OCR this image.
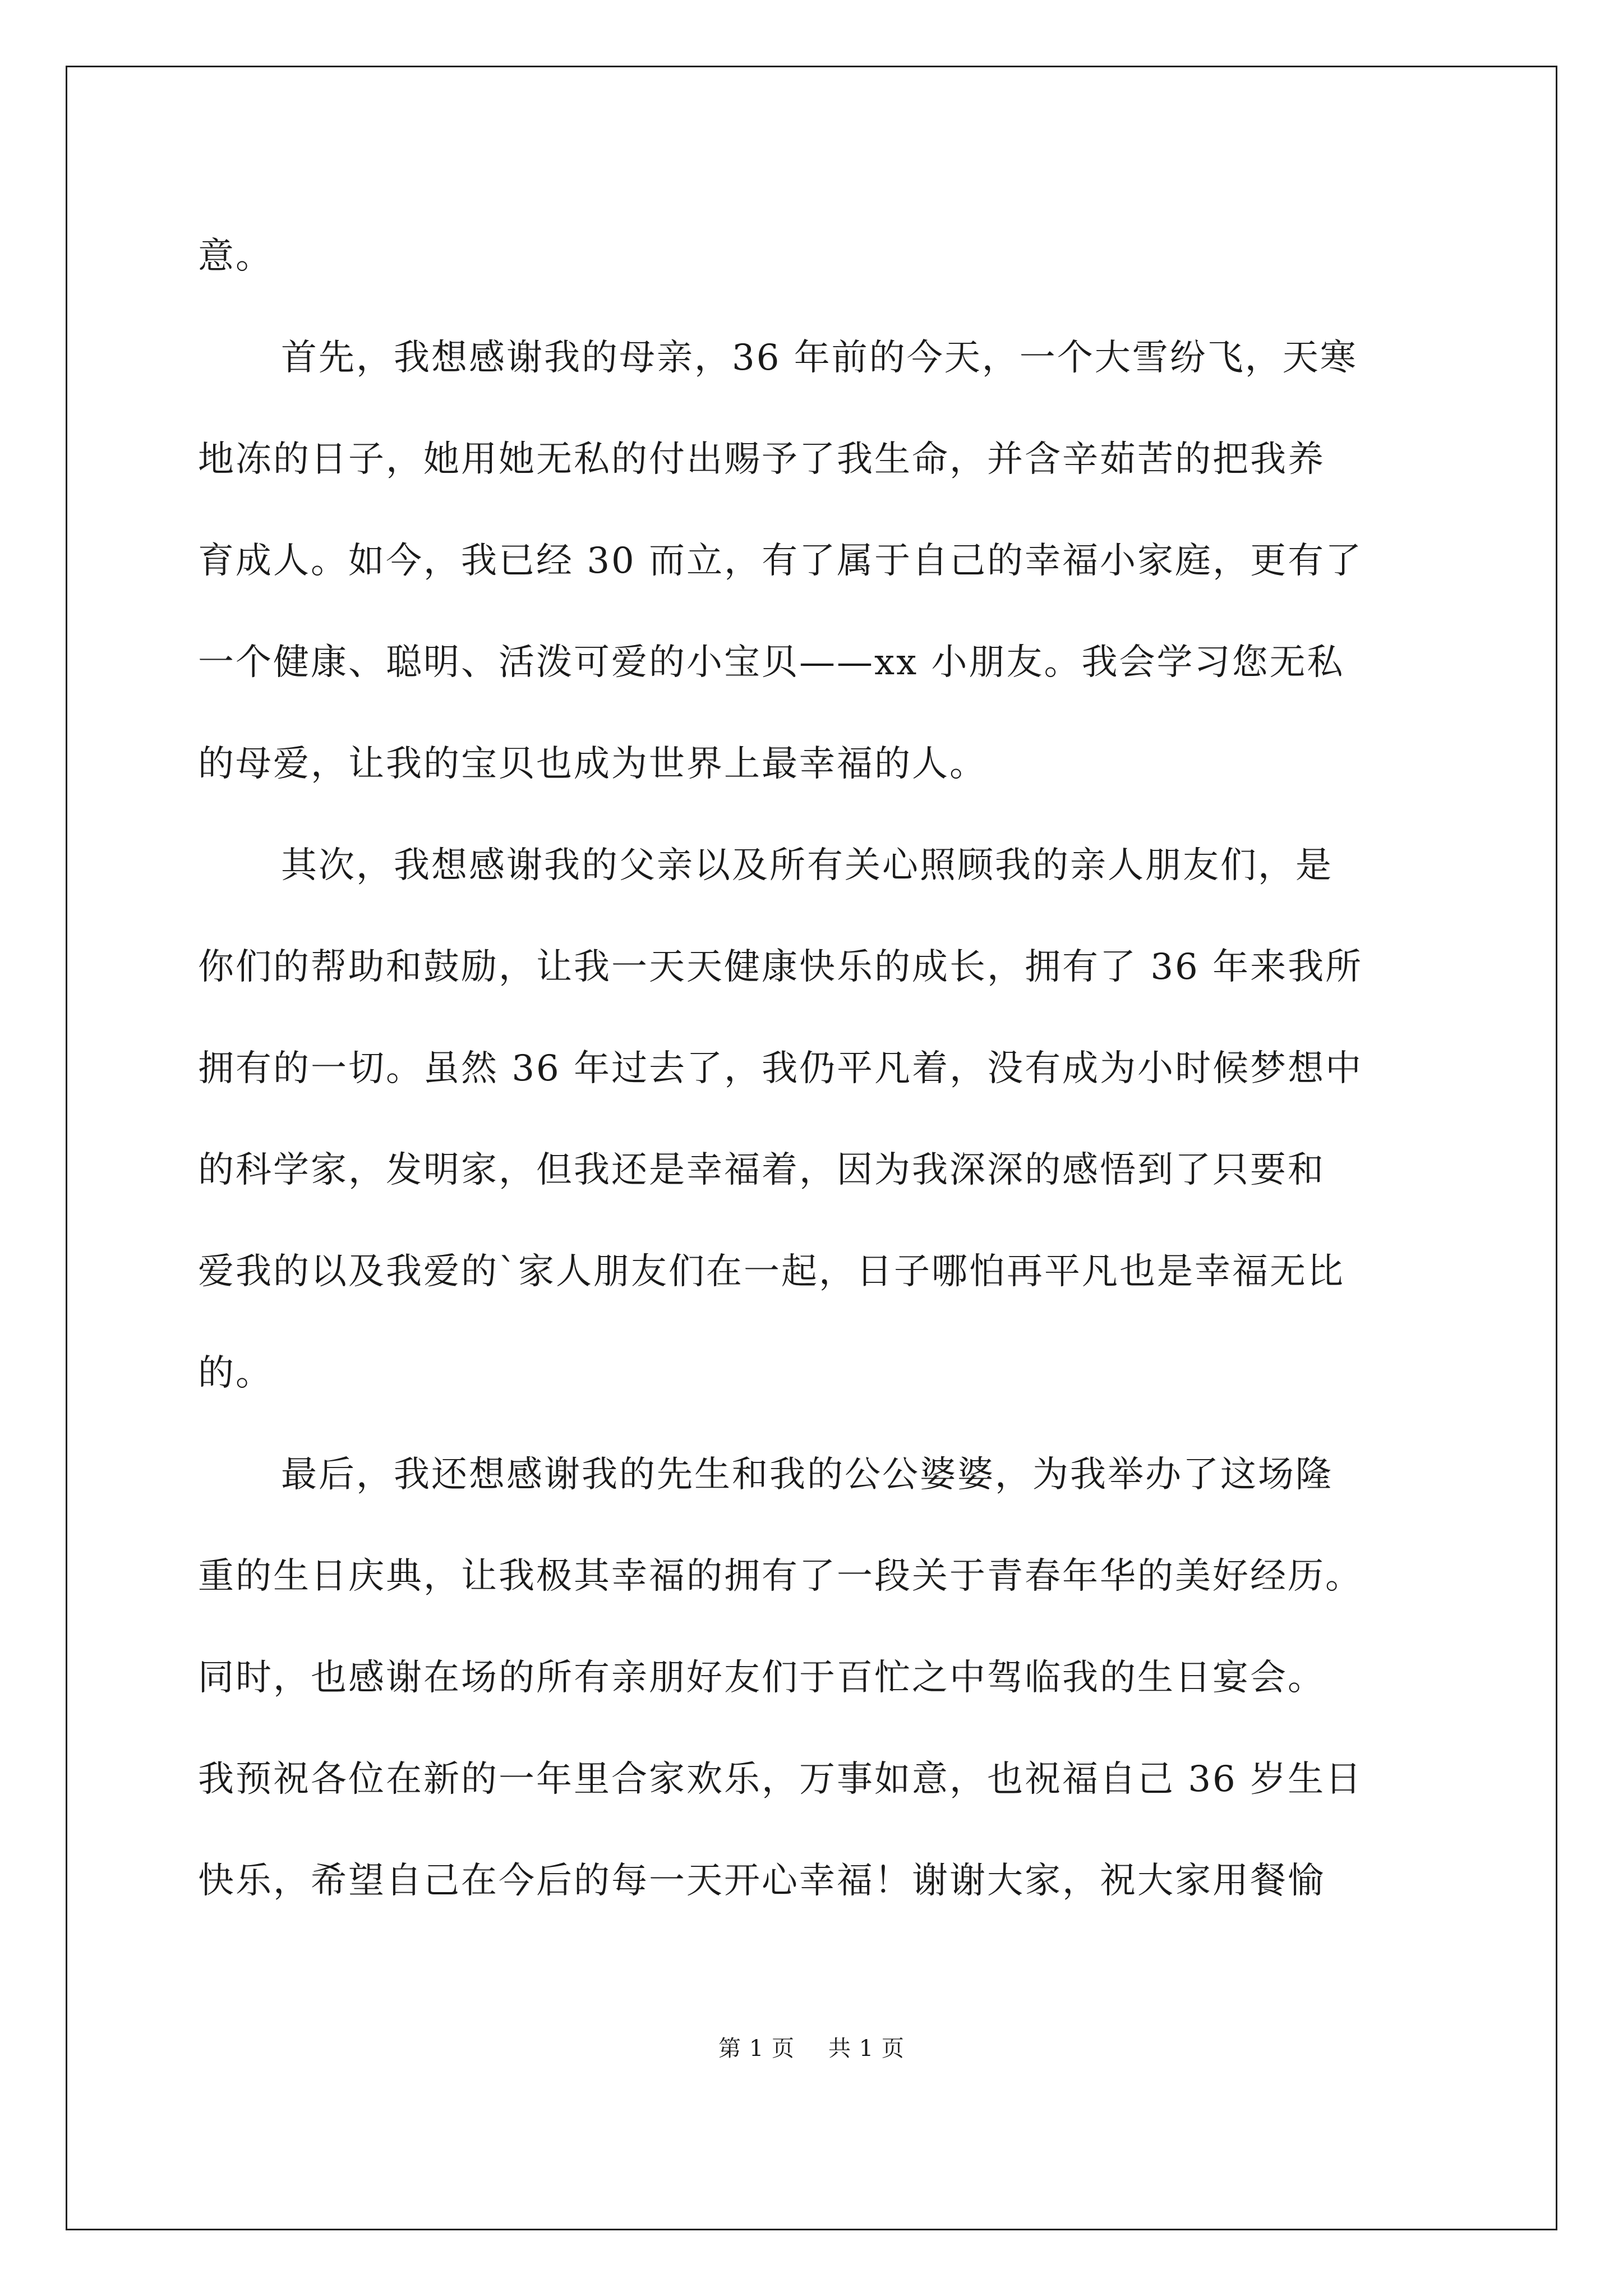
意。
首先，我想感谢我的母亲，36 年前的今天，一个大雪纷飞，天寒
地冻的日子，她用她无私的付出赐予了我生命，并含辛茹苦的把我养
育成人。如今，我已经 30 而立，有了属于自己的幸福小家庭，更有了
一个健康、聪明、活泼可爱的小宝贝——xx 小朋友。我会学习您无私
的母爱，让我的宝贝也成为世界上最幸福的人。
其次，我想感谢我的父亲以及所有关心照顾我的亲人朋友们，是
你们的帮助和鼓励，让我一天天健康快乐的成长，拥有了 36 年来我所
拥有的一切。虽然 36 年过去了，我仍平凡着，没有成为小时候梦想中
的科学家，发明家，但我还是幸福着，因为我深深的感悟到了只要和
爱我的以及我爱的`家人朋友们在一起，日子哪怕再平凡也是幸福无比
的。
最后，我还想感谢我的先生和我的公公婆婆，为我举办了这场隆
重的生日庆典，让我极其幸福的拥有了一段关于青春年华的美好经历。
同时，也感谢在场的所有亲朋好友们于百忙之中驾临我的生日宴会。
我预祝各位在新的一年里合家欢乐，万事如意，也祝福自己 36 岁生日
快乐，希望自己在今后的每一天开心幸福！谢谢大家，祝大家用餐愉
第 1 页 共 1 页
